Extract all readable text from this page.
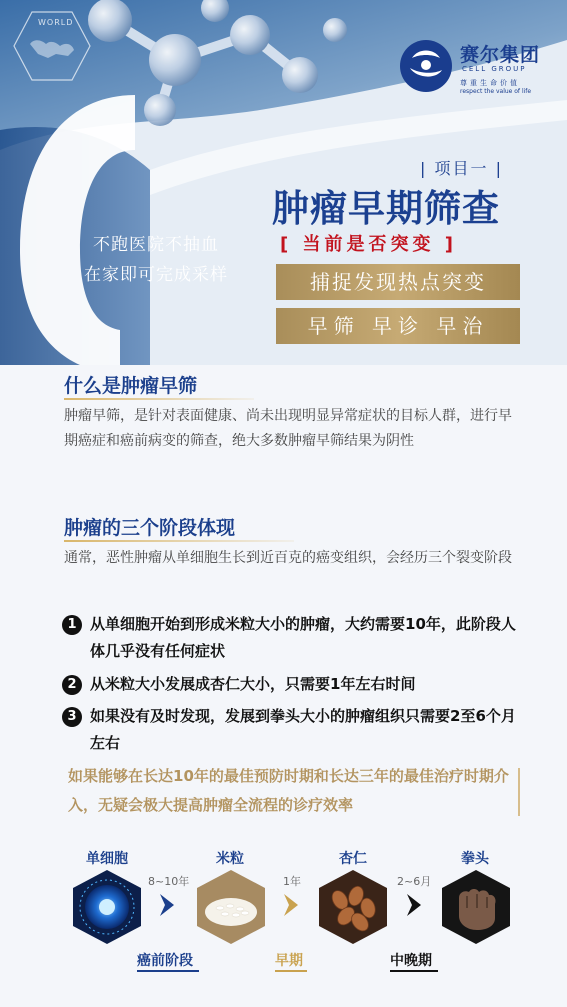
WORLD
赛尔集团
CELL GROUP
尊重生命价值
respect the value of life
| 项目一 |
肿瘤早期筛查
[ 当前是否突变 ]
捕捉发现热点突变
早筛 早诊 早治
不跑医院不抽血
在家即可完成采样
什么是肿瘤早筛
肿瘤早筛，是针对表面健康、尚未出现明显异常症状的目标人群，进行早期癌症和癌前病变的筛查，绝大多数肿瘤早筛结果为阴性
肿瘤的三个阶段体现
通常，恶性肿瘤从单细胞生长到近百克的癌变组织，会经历三个裂变阶段
1 从单细胞开始到形成米粒大小的肿瘤，大约需要10年，此阶段人体几乎没有任何症状
2 从米粒大小发展成杏仁大小，只需要1年左右时间
3 如果没有及时发现，发展到拳头大小的肿瘤组织只需要2至6个月左右
如果能够在长达10年的最佳预防时期和长达三年的最佳治疗时期介入，无疑会极大提高肿瘤全流程的诊疗效率
单细胞	米粒	杏仁	拳头
8~10年	1年	2~6月
癌前阶段	早期	中晚期
